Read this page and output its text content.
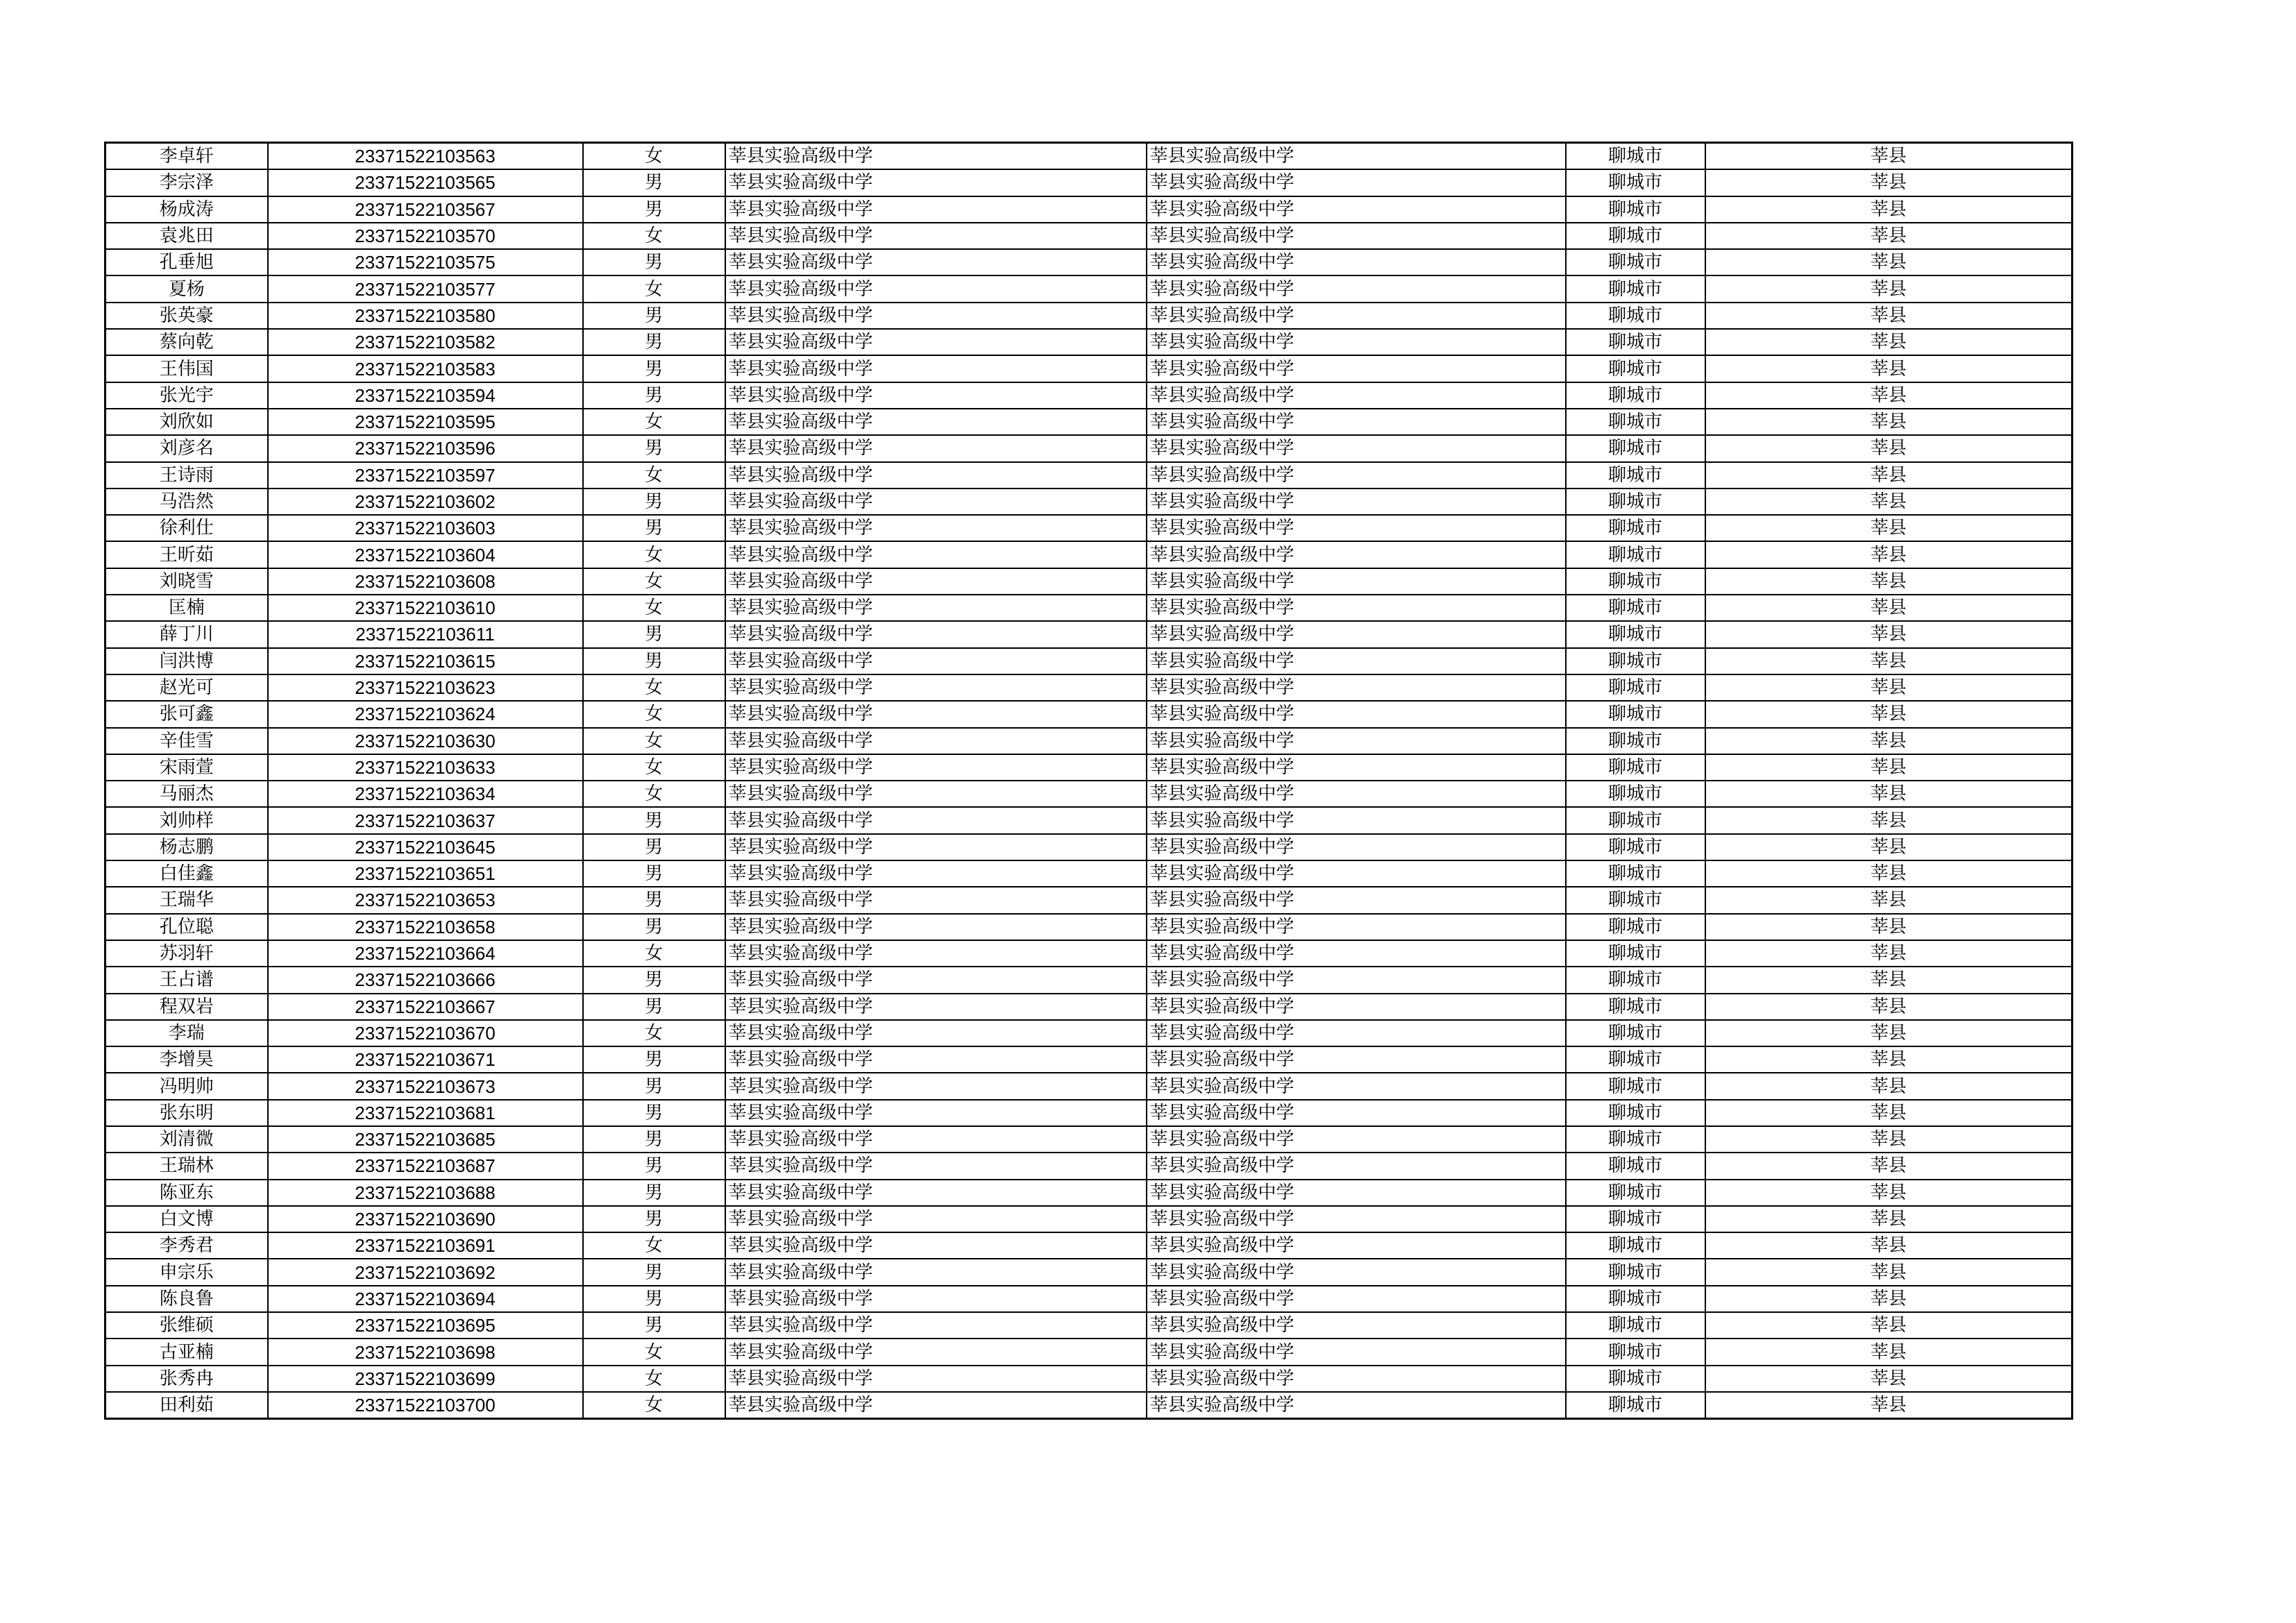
李卓轩	23371522103563	女	莘县实验高级中学	莘县实验高级中学	聊城市	莘县
李宗泽	23371522103565	男	莘县实验高级中学	莘县实验高级中学	聊城市	莘县
杨成涛	23371522103567	男	莘县实验高级中学	莘县实验高级中学	聊城市	莘县
袁兆田	23371522103570	女	莘县实验高级中学	莘县实验高级中学	聊城市	莘县
孔垂旭	23371522103575	男	莘县实验高级中学	莘县实验高级中学	聊城市	莘县
夏杨	23371522103577	女	莘县实验高级中学	莘县实验高级中学	聊城市	莘县
张英豪	23371522103580	男	莘县实验高级中学	莘县实验高级中学	聊城市	莘县
蔡向乾	23371522103582	男	莘县实验高级中学	莘县实验高级中学	聊城市	莘县
王伟国	23371522103583	男	莘县实验高级中学	莘县实验高级中学	聊城市	莘县
张光宇	23371522103594	男	莘县实验高级中学	莘县实验高级中学	聊城市	莘县
刘欣如	23371522103595	女	莘县实验高级中学	莘县实验高级中学	聊城市	莘县
刘彦名	23371522103596	男	莘县实验高级中学	莘县实验高级中学	聊城市	莘县
王诗雨	23371522103597	女	莘县实验高级中学	莘县实验高级中学	聊城市	莘县
马浩然	23371522103602	男	莘县实验高级中学	莘县实验高级中学	聊城市	莘县
徐利仕	23371522103603	男	莘县实验高级中学	莘县实验高级中学	聊城市	莘县
王昕茹	23371522103604	女	莘县实验高级中学	莘县实验高级中学	聊城市	莘县
刘晓雪	23371522103608	女	莘县实验高级中学	莘县实验高级中学	聊城市	莘县
匡楠	23371522103610	女	莘县实验高级中学	莘县实验高级中学	聊城市	莘县
薛丁川	23371522103611	男	莘县实验高级中学	莘县实验高级中学	聊城市	莘县
闫洪博	23371522103615	男	莘县实验高级中学	莘县实验高级中学	聊城市	莘县
赵光可	23371522103623	女	莘县实验高级中学	莘县实验高级中学	聊城市	莘县
张可鑫	23371522103624	女	莘县实验高级中学	莘县实验高级中学	聊城市	莘县
辛佳雪	23371522103630	女	莘县实验高级中学	莘县实验高级中学	聊城市	莘县
宋雨萱	23371522103633	女	莘县实验高级中学	莘县实验高级中学	聊城市	莘县
马丽杰	23371522103634	女	莘县实验高级中学	莘县实验高级中学	聊城市	莘县
刘帅样	23371522103637	男	莘县实验高级中学	莘县实验高级中学	聊城市	莘县
杨志鹏	23371522103645	男	莘县实验高级中学	莘县实验高级中学	聊城市	莘县
白佳鑫	23371522103651	男	莘县实验高级中学	莘县实验高级中学	聊城市	莘县
王瑞华	23371522103653	男	莘县实验高级中学	莘县实验高级中学	聊城市	莘县
孔位聪	23371522103658	男	莘县实验高级中学	莘县实验高级中学	聊城市	莘县
苏羽轩	23371522103664	女	莘县实验高级中学	莘县实验高级中学	聊城市	莘县
王占谱	23371522103666	男	莘县实验高级中学	莘县实验高级中学	聊城市	莘县
程双岩	23371522103667	男	莘县实验高级中学	莘县实验高级中学	聊城市	莘县
李瑞	23371522103670	女	莘县实验高级中学	莘县实验高级中学	聊城市	莘县
李增昊	23371522103671	男	莘县实验高级中学	莘县实验高级中学	聊城市	莘县
冯明帅	23371522103673	男	莘县实验高级中学	莘县实验高级中学	聊城市	莘县
张东明	23371522103681	男	莘县实验高级中学	莘县实验高级中学	聊城市	莘县
刘清微	23371522103685	男	莘县实验高级中学	莘县实验高级中学	聊城市	莘县
王瑞林	23371522103687	男	莘县实验高级中学	莘县实验高级中学	聊城市	莘县
陈亚东	23371522103688	男	莘县实验高级中学	莘县实验高级中学	聊城市	莘县
白文博	23371522103690	男	莘县实验高级中学	莘县实验高级中学	聊城市	莘县
李秀君	23371522103691	女	莘县实验高级中学	莘县实验高级中学	聊城市	莘县
申宗乐	23371522103692	男	莘县实验高级中学	莘县实验高级中学	聊城市	莘县
陈良鲁	23371522103694	男	莘县实验高级中学	莘县实验高级中学	聊城市	莘县
张维硕	23371522103695	男	莘县实验高级中学	莘县实验高级中学	聊城市	莘县
古亚楠	23371522103698	女	莘县实验高级中学	莘县实验高级中学	聊城市	莘县
张秀冉	23371522103699	女	莘县实验高级中学	莘县实验高级中学	聊城市	莘县
田利茹	23371522103700	女	莘县实验高级中学	莘县实验高级中学	聊城市	莘县
